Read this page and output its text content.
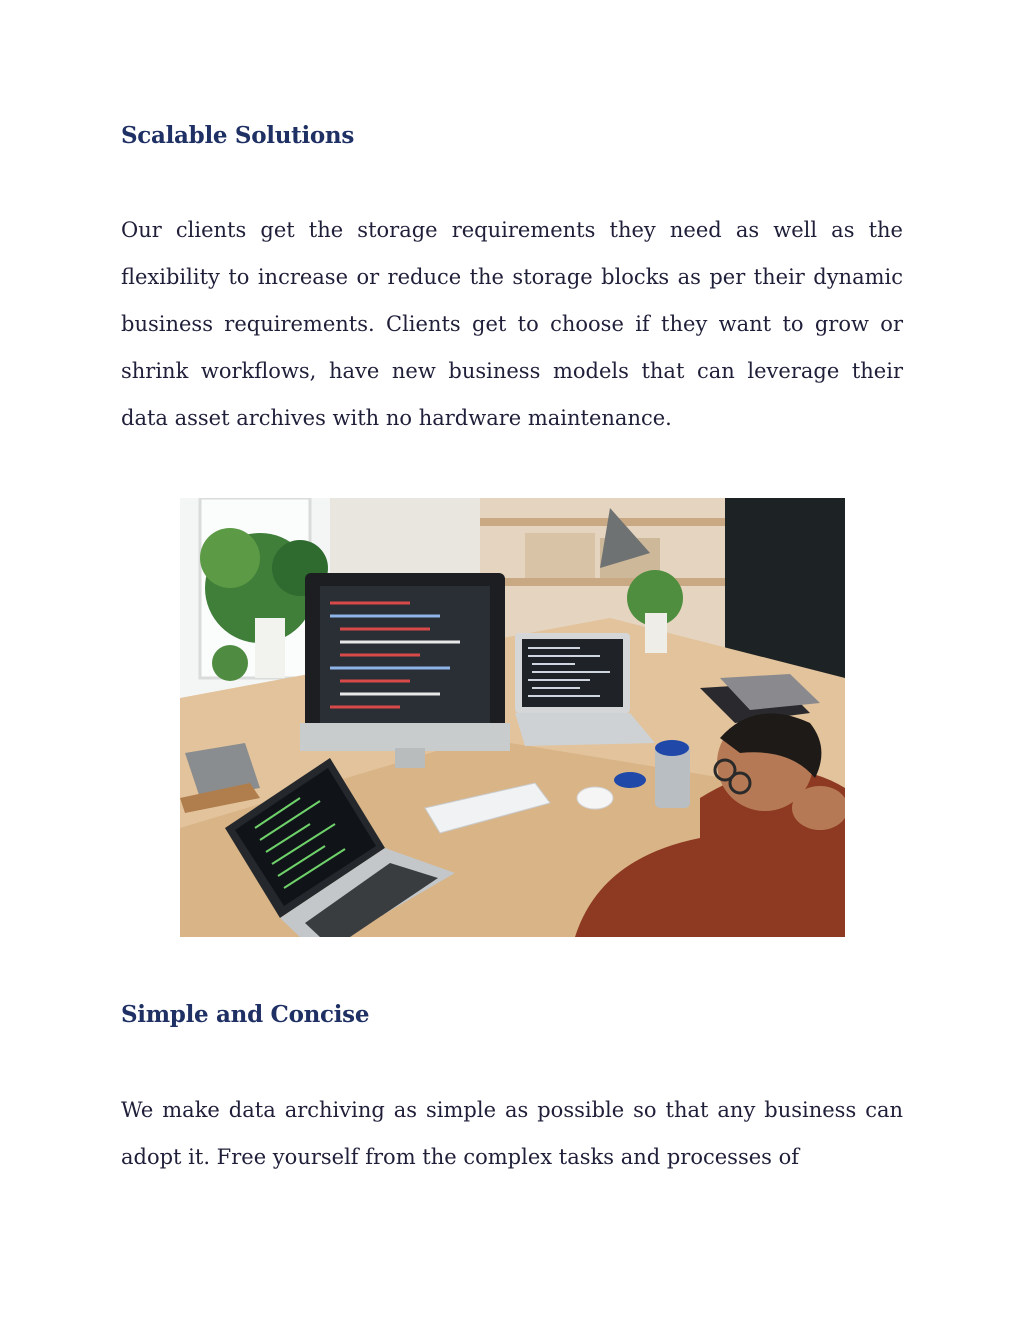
Scalable Solutions

Our clients get the storage requirements they need as well as the flexibility to increase or reduce the storage blocks as per their dynamic business requirements. Clients get to choose if they want to grow or shrink workflows, have new business models that can leverage their data asset archives with no hardware maintenance.

Simple and Concise

We make data archiving as simple as possible so that any business can adopt it. Free yourself from the complex tasks and processes of
